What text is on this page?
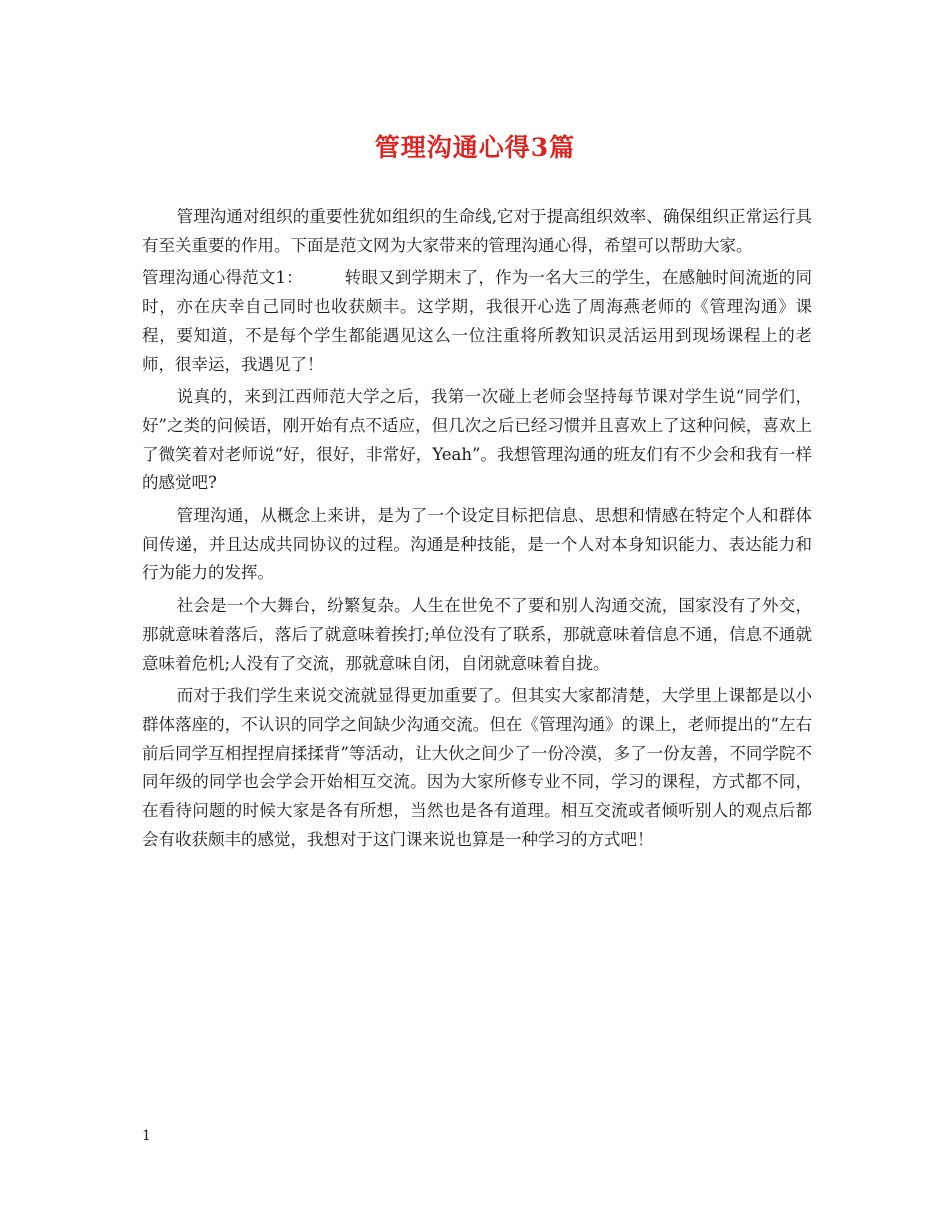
管理沟通心得3篇

管理沟通对组织的重要性犹如组织的生命线,它对于提高组织效率、确保组织正常运行具有至关重要的作用。下面是范文网为大家带来的管理沟通心得，希望可以帮助大家。

管理沟通心得范文1：　　　转眼又到学期末了，作为一名大三的学生，在感触时间流逝的同时，亦在庆幸自己同时也收获颇丰。这学期，我很开心选了周海燕老师的《管理沟通》课程，要知道，不是每个学生都能遇见这么一位注重将所教知识灵活运用到现场课程上的老师，很幸运，我遇见了！

说真的，来到江西师范大学之后，我第一次碰上老师会坚持每节课对学生说“同学们，好”之类的问候语，刚开始有点不适应，但几次之后已经习惯并且喜欢上了这种问候，喜欢上了微笑着对老师说“好，很好，非常好，Yeah”。我想管理沟通的班友们有不少会和我有一样的感觉吧?

管理沟通，从概念上来讲，是为了一个设定目标把信息、思想和情感在特定个人和群体间传递，并且达成共同协议的过程。沟通是种技能，是一个人对本身知识能力、表达能力和行为能力的发挥。

社会是一个大舞台，纷繁复杂。人生在世免不了要和别人沟通交流，国家没有了外交，那就意味着落后，落后了就意味着挨打;单位没有了联系，那就意味着信息不通，信息不通就意味着危机;人没有了交流，那就意味自闭，自闭就意味着自拢。

而对于我们学生来说交流就显得更加重要了。但其实大家都清楚，大学里上课都是以小群体落座的，不认识的同学之间缺少沟通交流。但在《管理沟通》的课上，老师提出的“左右前后同学互相捏捏肩揉揉背”等活动，让大伙之间少了一份冷漠，多了一份友善，不同学院不同年级的同学也会学会开始相互交流。因为大家所修专业不同，学习的课程，方式都不同，在看待问题的时候大家是各有所想，当然也是各有道理。相互交流或者倾听别人的观点后都会有收获颇丰的感觉，我想对于这门课来说也算是一种学习的方式吧！

1
